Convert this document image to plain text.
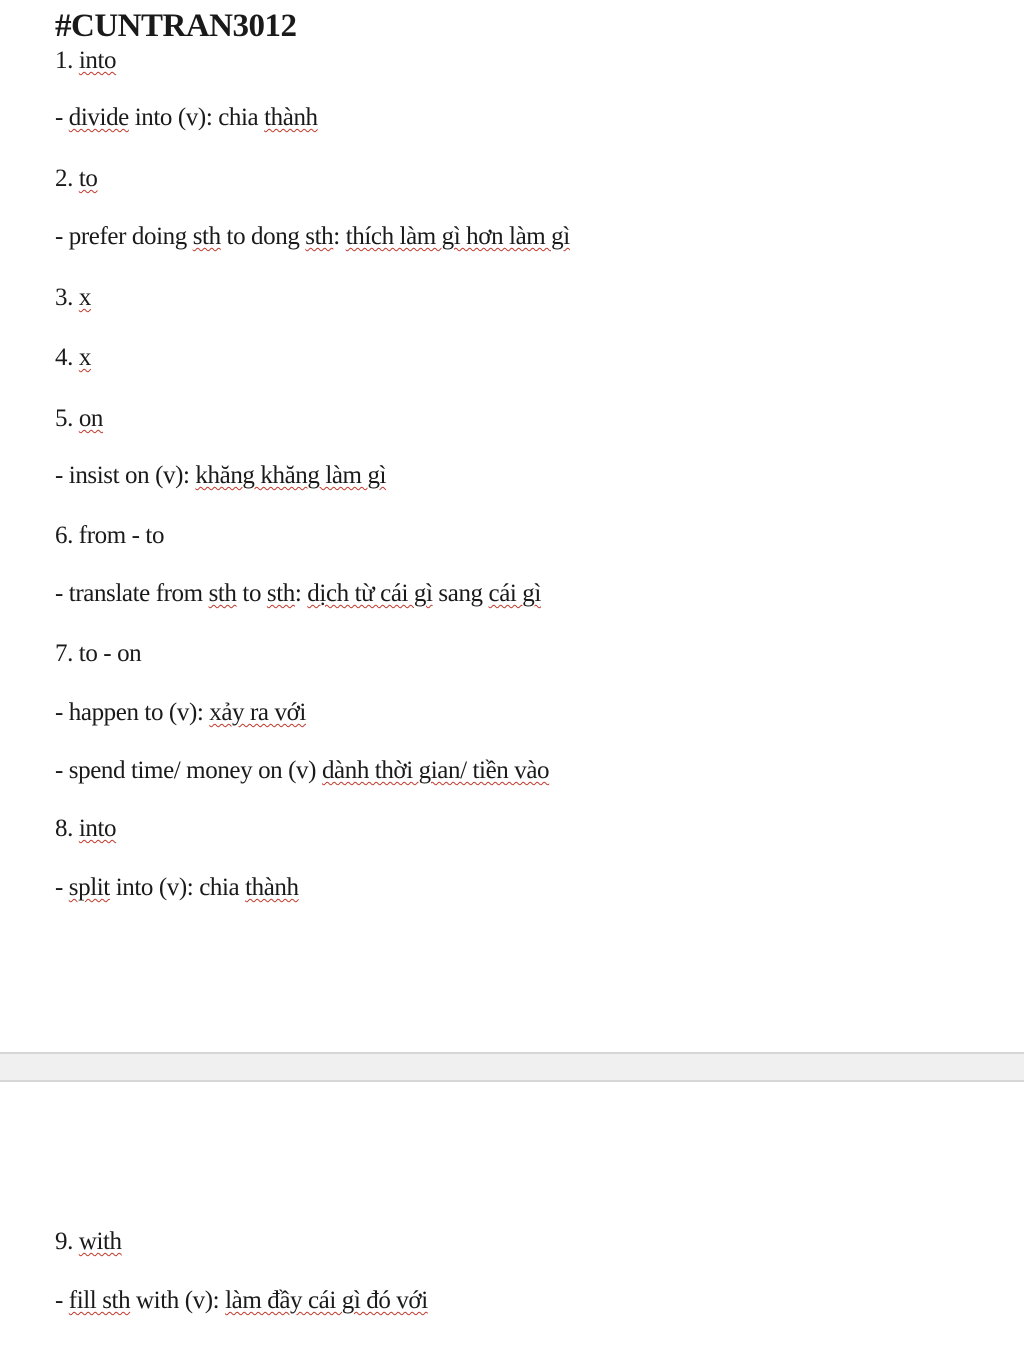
#CUNTRAN3012
1. into
- divide into (v): chia thành
2. to
- prefer doing sth to dong sth: thích làm gì hơn làm gì
3. x
4. x
5. on
- insist on (v): khăng khăng làm gì
6. from - to
- translate from sth to sth: dịch từ cái gì sang cái gì
7. to - on
- happen to (v): xảy ra với
- spend time/ money on (v) dành thời gian/ tiền vào
8. into
- split into (v): chia thành
9. with
- fill sth with (v): làm đầy cái gì đó với
